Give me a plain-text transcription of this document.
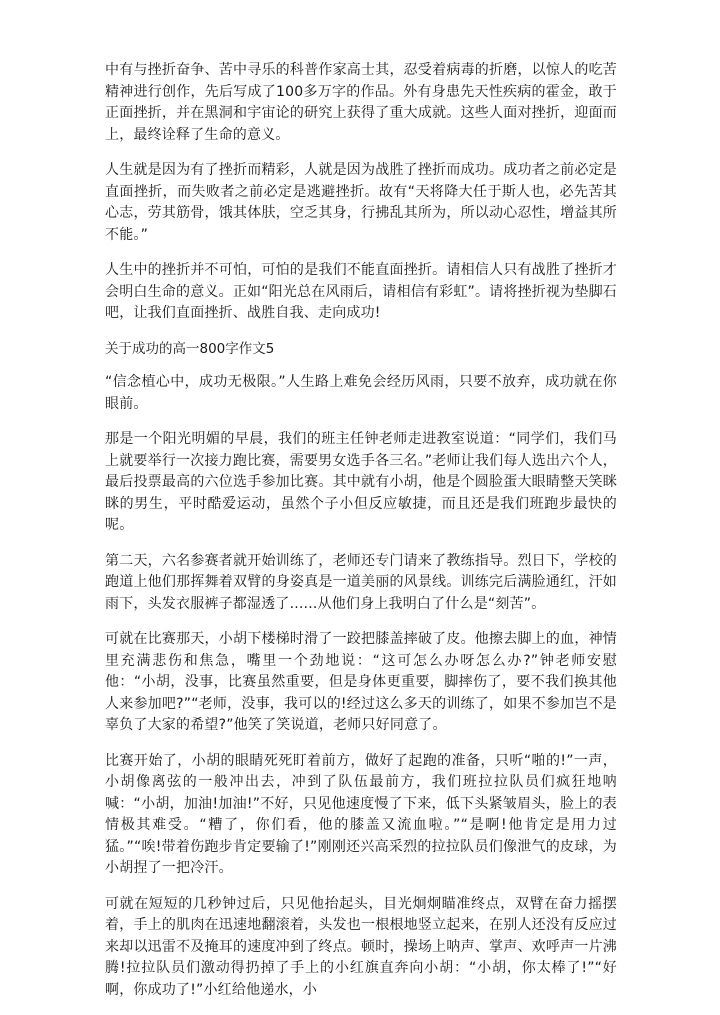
中有与挫折奋争、苦中寻乐的科普作家高士其，忍受着病毒的折磨，以惊人的吃苦精神进行创作，先后写成了100多万字的作品。外有身患先天性疾病的霍金，敢于正面挫折，并在黑洞和宇宙论的研究上获得了重大成就。这些人面对挫折，迎面而上，最终诠释了生命的意义。

人生就是因为有了挫折而精彩，人就是因为战胜了挫折而成功。成功者之前必定是直面挫折，而失败者之前必定是逃避挫折。故有“天将降大任于斯人也，必先苦其心志，劳其筋骨，饿其体肤，空乏其身，行拂乱其所为，所以动心忍性，增益其所不能。”

人生中的挫折并不可怕，可怕的是我们不能直面挫折。请相信人只有战胜了挫折才会明白生命的意义。正如“阳光总在风雨后，请相信有彩虹”。请将挫折视为垫脚石吧，让我们直面挫折、战胜自我、走向成功!

关于成功的高一800字作文5

“信念植心中，成功无极限。”人生路上难免会经历风雨，只要不放弃，成功就在你眼前。

那是一个阳光明媚的早晨，我们的班主任钟老师走进教室说道：“同学们，我们马上就要举行一次接力跑比赛，需要男女选手各三名。”老师让我们每人选出六个人，最后投票最高的六位选手参加比赛。其中就有小胡，他是个圆脸蛋大眼睛整天笑眯眯的男生，平时酷爱运动，虽然个子小但反应敏捷，而且还是我们班跑步最快的呢。

第二天，六名参赛者就开始训练了，老师还专门请来了教练指导。烈日下，学校的跑道上他们那挥舞着双臂的身姿真是一道美丽的风景线。训练完后满脸通红，汗如雨下，头发衣服裤子都湿透了......从他们身上我明白了什么是“刻苦”。

可就在比赛那天，小胡下楼梯时滑了一跤把膝盖摔破了皮。他擦去脚上的血，神情里充满悲伤和焦急，嘴里一个劲地说：“这可怎么办呀怎么办?”钟老师安慰他：“小胡，没事，比赛虽然重要，但是身体更重要，脚摔伤了，要不我们换其他人来参加吧?”“老师，没事，我可以的!经过这么多天的训练了，如果不参加岂不是辜负了大家的希望?”他笑了笑说道，老师只好同意了。

比赛开始了，小胡的眼睛死死盯着前方，做好了起跑的准备，只听“啪的!”一声，小胡像离弦的一般冲出去，冲到了队伍最前方，我们班拉拉队员们疯狂地呐喊：“小胡，加油!加油!”不好，只见他速度慢了下来，低下头紧皱眉头，脸上的表情极其难受。“糟了，你们看，他的膝盖又流血啦。”“是啊!他肯定是用力过猛。”“唉!带着伤跑步肯定要输了!”刚刚还兴高采烈的拉拉队员们像泄气的皮球，为小胡捏了一把冷汗。

可就在短短的几秒钟过后，只见他抬起头，目光炯炯瞄准终点，双臂在奋力摇摆着，手上的肌肉在迅速地翻滚着，头发也一根根地竖立起来，在别人还没有反应过来却以迅雷不及掩耳的速度冲到了终点。顿时，操场上呐声、掌声、欢呼声一片沸腾!拉拉队员们激动得扔掉了手上的小红旗直奔向小胡：“小胡，你太棒了!”“好啊，你成功了!”小红给他递水，小
